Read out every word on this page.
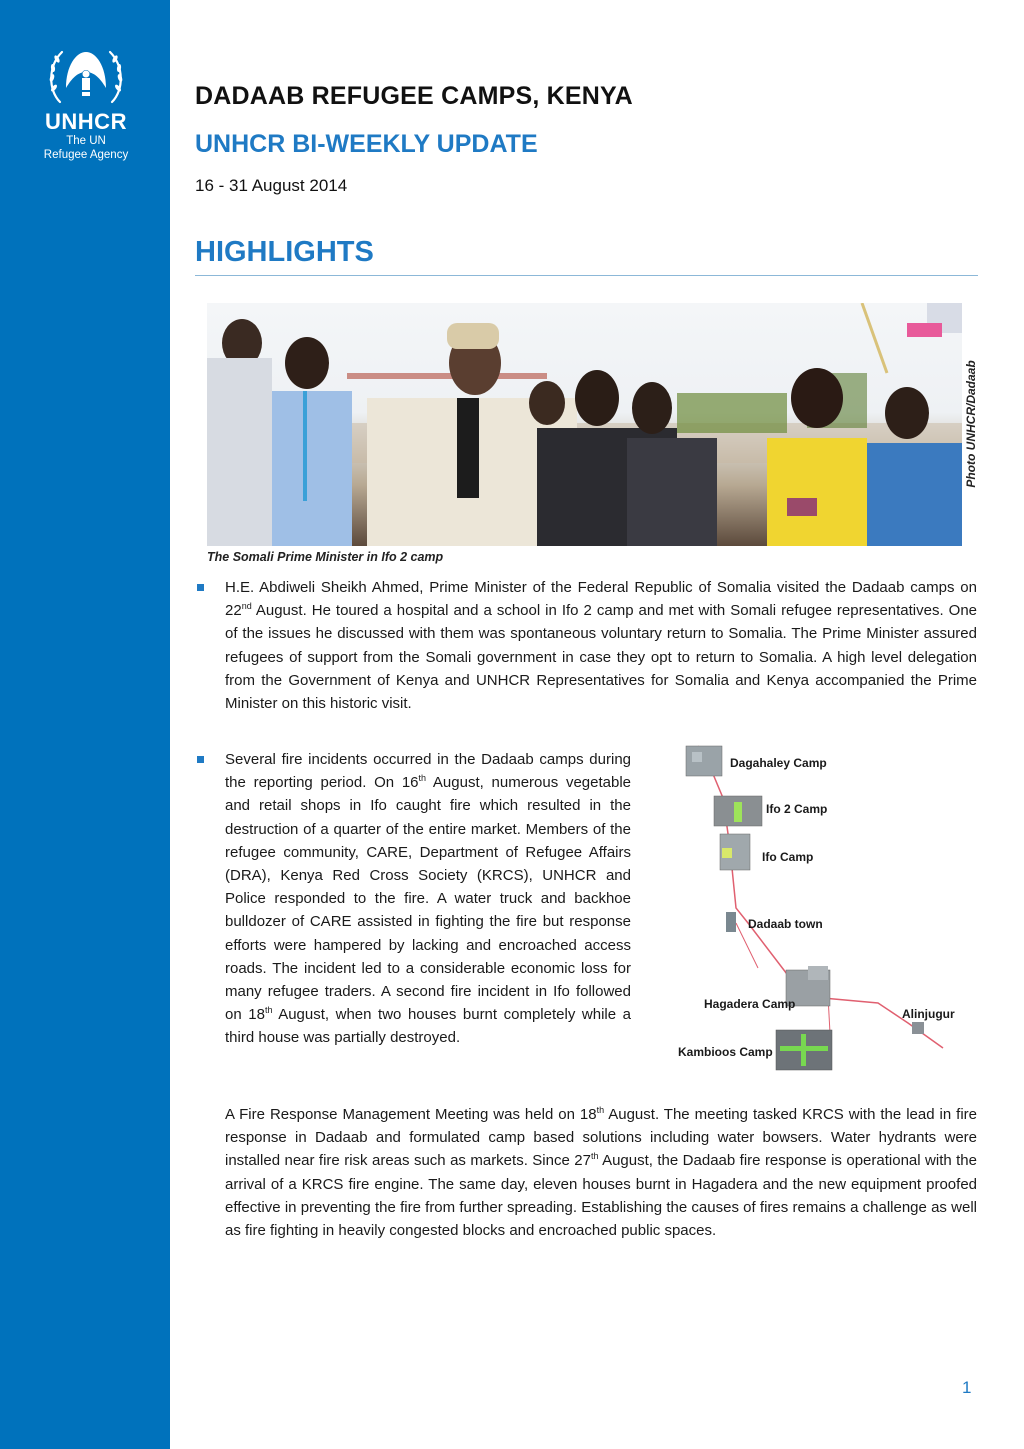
UNHCR
The UN
Refugee Agency
DADAAB REFUGEE CAMPS, KENYA
UNHCR BI-WEEKLY UPDATE
16 - 31 August 2014
HIGHLIGHTS
Photo UNHCR/Dadaab
The Somali Prime Minister in Ifo 2 camp

H.E. Abdiweli Sheikh Ahmed, Prime Minister of the Federal Republic of Somalia visited the Dadaab camps on 22nd August. He toured a hospital and a school in Ifo 2 camp and met with Somali refugee representatives. One of the issues he discussed with them was spontaneous voluntary return to Somalia. The Prime Minister assured refugees of support from the Somali government in case they opt to return to Somalia. A high level delegation from the Government of Kenya and UNHCR Representatives for Somalia and Kenya accompanied the Prime Minister on this historic visit.

Several fire incidents occurred in the Dadaab camps during the reporting period. On 16th August, numerous vegetable and retail shops in Ifo caught fire which resulted in the destruction of a quarter of the entire market. Members of the refugee community, CARE, Department of Refugee Affairs (DRA), Kenya Red Cross Society (KRCS), UNHCR and Police responded to the fire. A water truck and backhoe bulldozer of CARE assisted in fighting the fire but response efforts were hampered by lacking and encroached access roads. The incident led to a considerable economic loss for many refugee traders. A second fire incident in Ifo followed on 18th August, when two houses burnt completely while a third house was partially destroyed.

Dagahaley Camp
Ifo 2 Camp
Ifo Camp
Dadaab town
Hagadera Camp
Alinjugur
Kambioos Camp

A Fire Response Management Meeting was held on 18th August. The meeting tasked KRCS with the lead in fire response in Dadaab and formulated camp based solutions including water bowsers. Water hydrants were installed near fire risk areas such as markets. Since 27th August, the Dadaab fire response is operational with the arrival of a KRCS fire engine. The same day, eleven houses burnt in Hagadera and the new equipment proofed effective in preventing the fire from further spreading. Establishing the causes of fires remains a challenge as well as fire fighting in heavily congested blocks and encroached public spaces.

1
